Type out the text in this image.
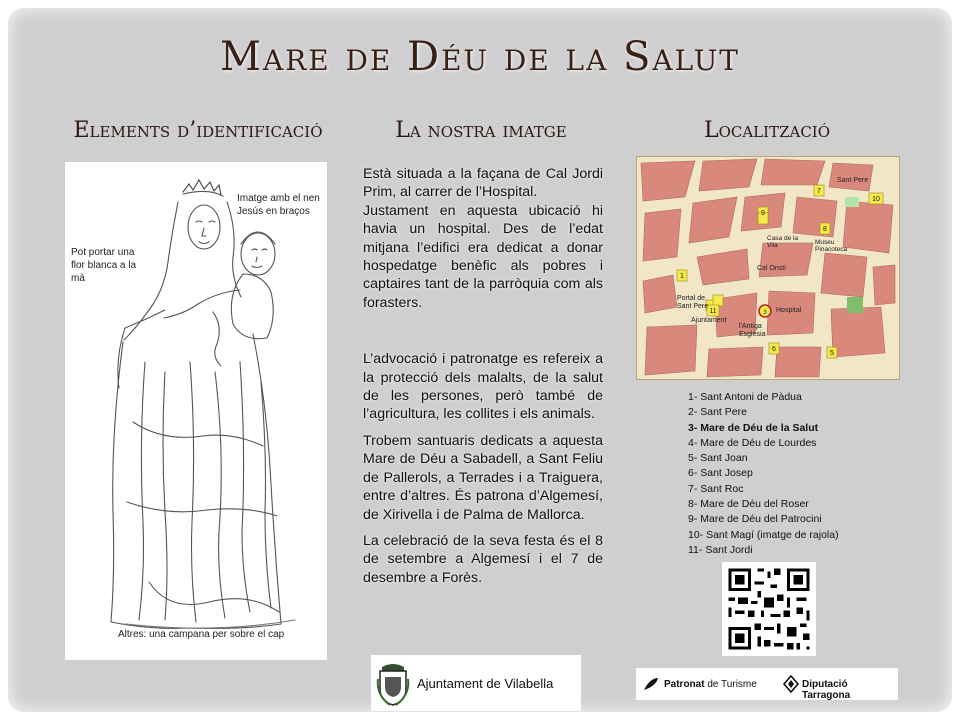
Mare de Déu de la Salut
Elements d’identificació	La nostra imatge	Localització
Imatge amb el nen Jesús en braços
Pot portar una flor blanca a la mà
Altres: una campana per sobre el cap

Està situada a la façana de Cal Jordi Prim, al carrer de l’Hospital.

Justament en aquesta ubicació hi havia un hospital. Des de l’edat mitjana l’edifici era dedicat a donar hospedatge benèfic als pobres i captaires tant de la parròquia com als forasters.

L’advocació i patronatge es refereix a la protecció dels malalts, de la salut de les persones, però també de l’agricultura, les collites i els animals.

Trobem santuaris dedicats a aquesta Mare de Déu a Sabadell, a Sant Feliu de Pallerols, a Terrades i a Traiguera, entre d’altres. És patrona d’Algemesí, de Xirivella i de Palma de Mallorca.

La celebració de la seva festa és el 8 de setembre a Algemesí i el 7 de desembre a Forès.

1
6
5
9
7
8
10
11	3
Sant Pere
Cal Onsti
Portal de Sant Pere
Ajuntament
Hospital
l'Antiga Església
Casa de la Vila	Museu Pinacoteca
1- Sant Antoni de Pàdua
2- Sant Pere
3- Mare de Déu de la Salut
4- Mare de Déu de Lourdes
5- Sant Joan
6- Sant Josep
7- Sant Roc
8- Mare de Déu del Roser
9- Mare de Déu del Patrocini
10- Sant Magí (imatge de rajola)
11- Sant Jordi
Ajuntament de Vilabella	Patronat de Turisme	Diputació Tarragona
